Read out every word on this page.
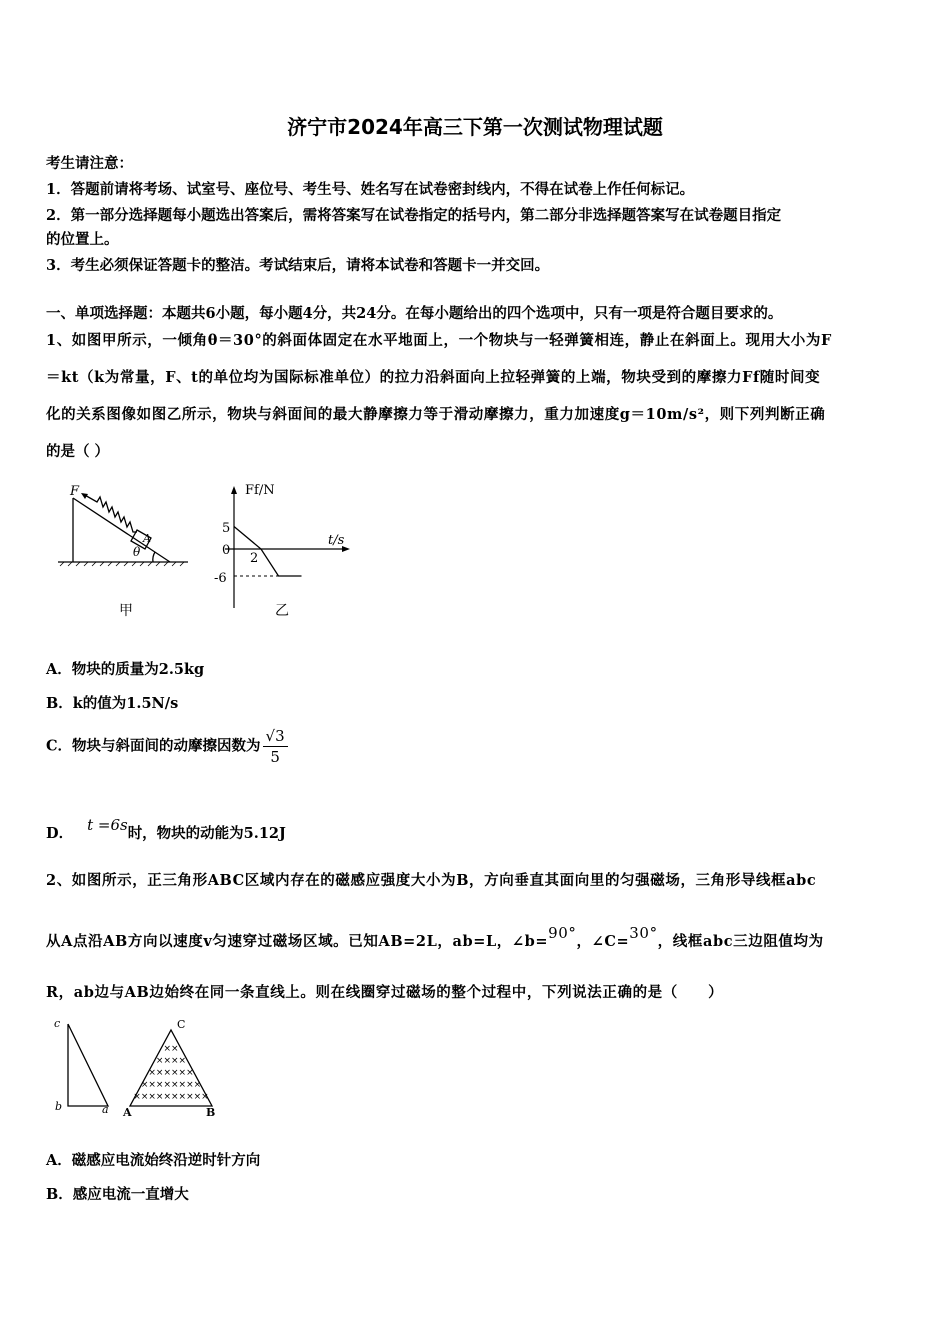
济宁市2024年高三下第一次测试物理试题
考生请注意：
1．答题前请将考场、试室号、座位号、考生号、姓名写在试卷密封线内，不得在试卷上作任何标记。
2．第一部分选择题每小题选出答案后，需将答案写在试卷指定的括号内，第二部分非选择题答案写在试卷题目指定
的位置上。
3．考生必须保证答题卡的整洁。考试结束后，请将本试卷和答题卡一并交回。
一、单项选择题：本题共6小题，每小题4分，共24分。在每小题给出的四个选项中，只有一项是符合题目要求的。
1、如图甲所示，一倾角θ＝30°的斜面体固定在水平地面上，一个物块与一轻弹簧相连，静止在斜面上。现用大小为F
＝kt（k为常量，F、t的单位均为国际标准单位）的拉力沿斜面向上拉轻弹簧的上端，物块受到的摩擦力Ff随时间变
化的关系图像如图乙所示，物块与斜面间的最大静摩擦力等于滑动摩擦力，重力加速度g＝10m/s²，则下列判断正确
的是（ ）
F
A
θ
甲
Ff/N
t/s
5
0
-6
2
乙
A．物块的质量为2.5kg
B．k的值为1.5N/s
C．物块与斜面间的动摩擦因数为 $\frac{√3}{5}$
D． t =6s时，物块的动能为5.12J
2、如图所示，正三角形ABC区域内存在的磁感应强度大小为B，方向垂直其面向里的匀强磁场，三角形导线框abc
从A点沿AB方向以速度v匀速穿过磁场区域。已知AB=2L，ab=L，∠b=90°，∠C=30°，线框abc三边阻值均为
R，ab边与AB边始终在同一条直线上。则在线圈穿过磁场的整个过程中，下列说法正确的是（　　）
c
b	a A	B
C
××
××××
××××××
××××××××
××××××××××
A．磁感应电流始终沿逆时针方向
B．感应电流一直增大
